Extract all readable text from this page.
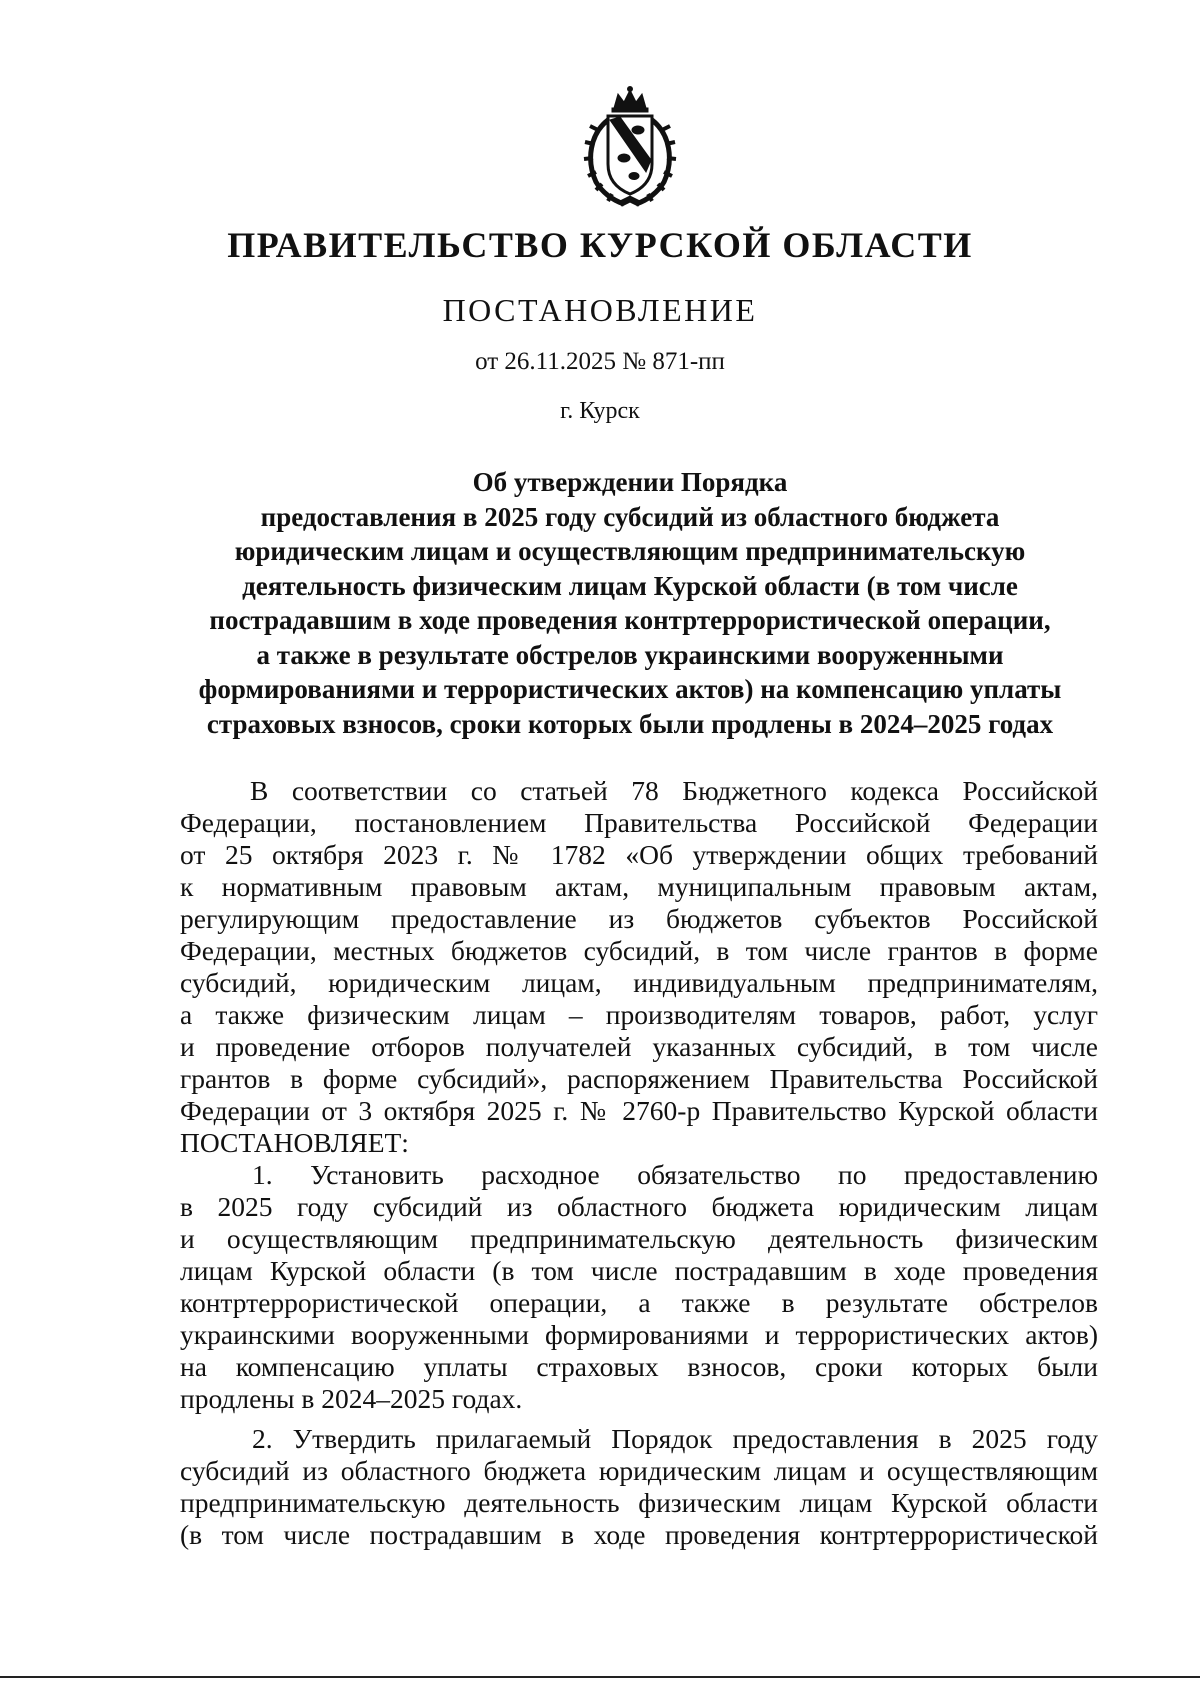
ПРАВИТЕЛЬСТВО КУРСКОЙ ОБЛАСТИ
ПОСТАНОВЛЕНИЕ
от 26.11.2025 № 871-пп
г. Курск
Об утверждении Порядка
предоставления в 2025 году субсидий из областного бюджета
юридическим лицам и осуществляющим предпринимательскую
деятельность физическим лицам Курской области (в том числе
пострадавшим в ходе проведения контртеррористической операции,
а также в результате обстрелов украинскими вооруженными
формированиями и террористических актов) на компенсацию уплаты
страховых взносов, сроки которых были продлены в 2024–2025 годах
В соответствии со статьей 78 Бюджетного кодекса Российской
Федерации, постановлением Правительства Российской Федерации
от 25 октября 2023 г. № 1782 «Об утверждении общих требований
к нормативным правовым актам, муниципальным правовым актам,
регулирующим предоставление из бюджетов субъектов Российской
Федерации, местных бюджетов субсидий, в том числе грантов в форме
субсидий, юридическим лицам, индивидуальным предпринимателям,
а также физическим лицам – производителям товаров, работ, услуг
и проведение отборов получателей указанных субсидий, в том числе
грантов в форме субсидий», распоряжением Правительства Российской
Федерации от 3 октября 2025 г. № 2760-р Правительство Курской области
ПОСТАНОВЛЯЕТ:
1. Установить расходное обязательство по предоставлению
в 2025 году субсидий из областного бюджета юридическим лицам
и осуществляющим предпринимательскую деятельность физическим
лицам Курской области (в том числе пострадавшим в ходе проведения
контртеррористической операции, а также в результате обстрелов
украинскими вооруженными формированиями и террористических актов)
на компенсацию уплаты страховых взносов, сроки которых были
продлены в 2024–2025 годах.
2. Утвердить прилагаемый Порядок предоставления в 2025 году
субсидий из областного бюджета юридическим лицам и осуществляющим
предпринимательскую деятельность физическим лицам Курской области
(в том числе пострадавшим в ходе проведения контртеррористической
